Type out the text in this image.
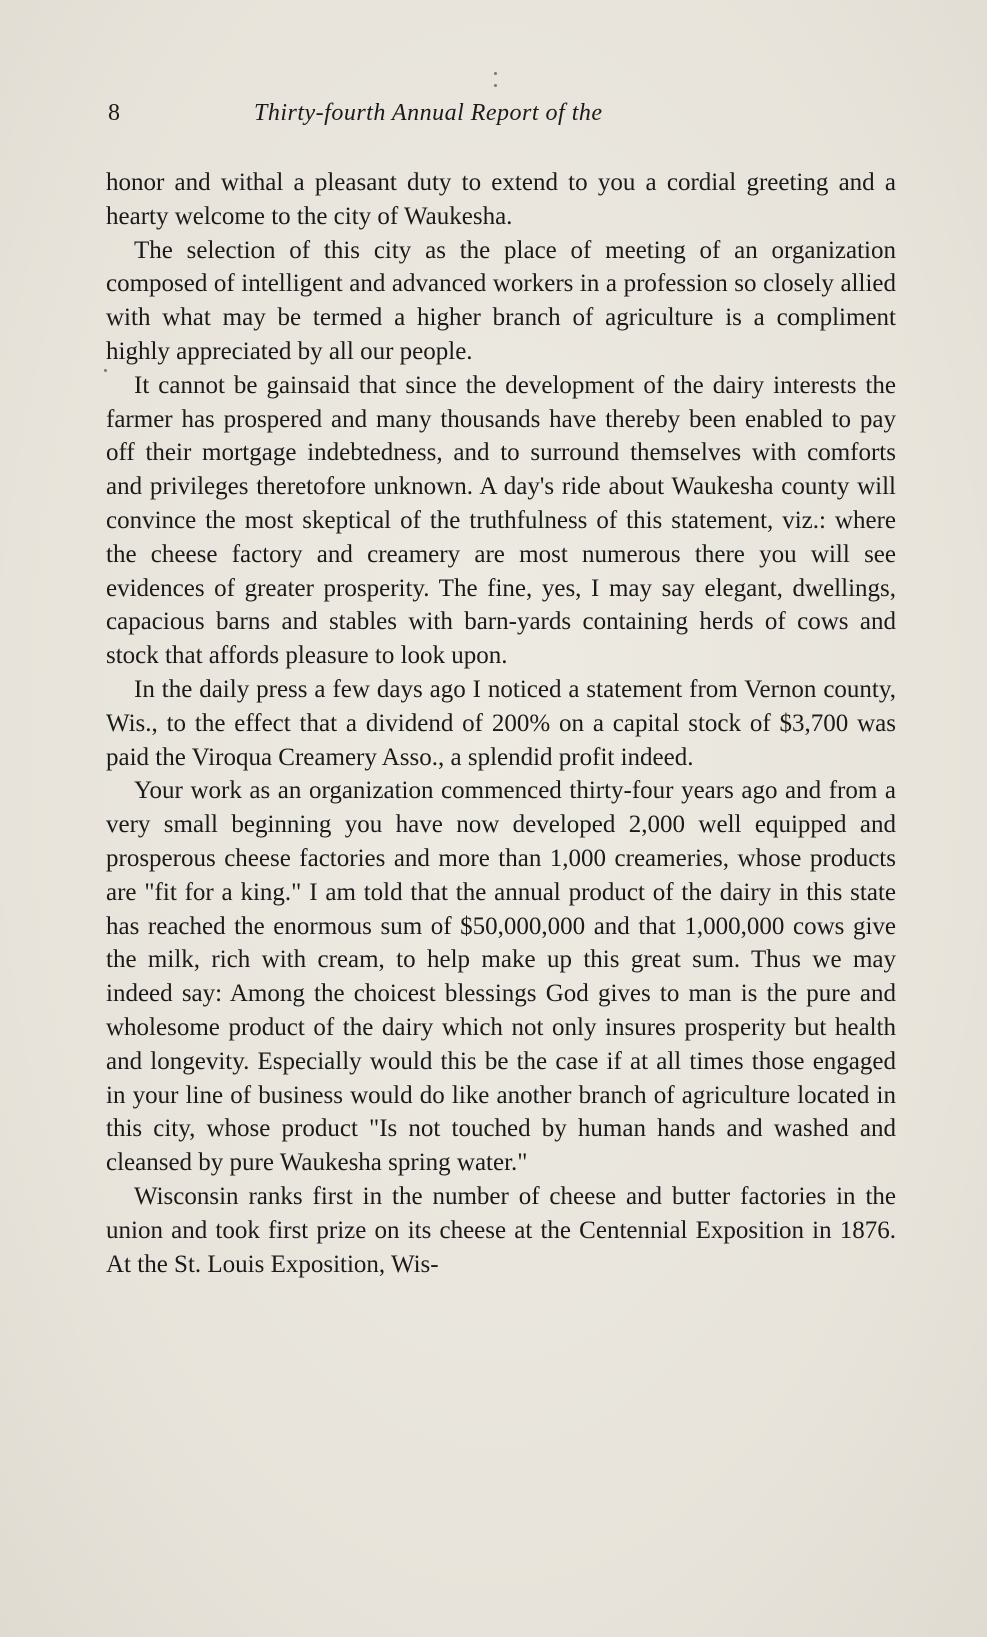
8	Thirty-fourth Annual Report of the

honor and withal a pleasant duty to extend to you a cordial greeting and a hearty welcome to the city of Waukesha.

The selection of this city as the place of meeting of an organization composed of intelligent and advanced workers in a profession so closely allied with what may be termed a higher branch of agriculture is a compliment highly appreciated by all our people.

It cannot be gainsaid that since the development of the dairy interests the farmer has prospered and many thousands have thereby been enabled to pay off their mortgage indebtedness, and to surround themselves with comforts and privileges theretofore unknown. A day's ride about Waukesha county will convince the most skeptical of the truthfulness of this statement, viz.: where the cheese factory and creamery are most numerous there you will see evidences of greater prosperity. The fine, yes, I may say elegant, dwellings, capacious barns and stables with barn-yards containing herds of cows and stock that affords pleasure to look upon.

In the daily press a few days ago I noticed a statement from Vernon county, Wis., to the effect that a dividend of 200% on a capital stock of $3,700 was paid the Viroqua Creamery Asso., a splendid profit indeed.

Your work as an organization commenced thirty-four years ago and from a very small beginning you have now developed 2,000 well equipped and prosperous cheese factories and more than 1,000 creameries, whose products are "fit for a king." I am told that the annual product of the dairy in this state has reached the enormous sum of $50,000,000 and that 1,000,000 cows give the milk, rich with cream, to help make up this great sum. Thus we may indeed say: Among the choicest blessings God gives to man is the pure and wholesome product of the dairy which not only insures prosperity but health and longevity. Especially would this be the case if at all times those engaged in your line of business would do like another branch of agriculture located in this city, whose product "Is not touched by human hands and washed and cleansed by pure Waukesha spring water."

Wisconsin ranks first in the number of cheese and butter factories in the union and took first prize on its cheese at the Centennial Exposition in 1876. At the St. Louis Exposition, Wis-
